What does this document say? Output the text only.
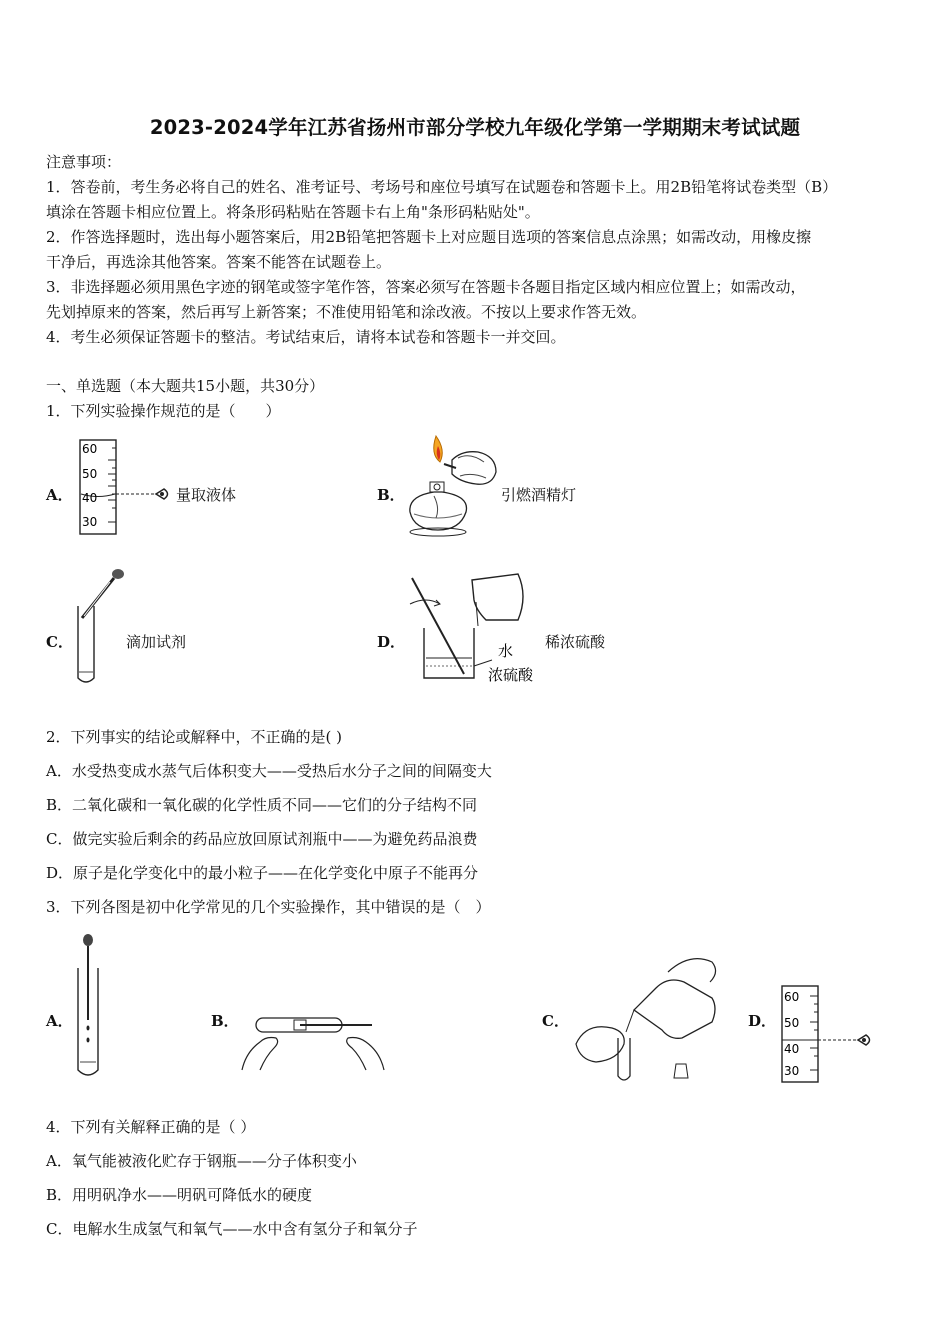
2023-2024学年江苏省扬州市部分学校九年级化学第一学期期末考试试题
注意事项：
1．答卷前，考生务必将自己的姓名、准考证号、考场号和座位号填写在试题卷和答题卡上。用2B铅笔将试卷类型（B）
填涂在答题卡相应位置上。将条形码粘贴在答题卡右上角"条形码粘贴处"。
2．作答选择题时，选出每小题答案后，用2B铅笔把答题卡上对应题目选项的答案信息点涂黑；如需改动，用橡皮擦
干净后，再选涂其他答案。答案不能答在试题卷上。
3．非选择题必须用黑色字迹的钢笔或签字笔作答，答案必须写在答题卡各题目指定区域内相应位置上；如需改动，
先划掉原来的答案，然后再写上新答案；不准使用铅笔和涂改液。不按以上要求作答无效。
4．考生必须保证答题卡的整洁。考试结束后，请将本试卷和答题卡一并交回。
一、单选题（本大题共15小题，共30分）
1．下列实验操作规范的是（　　）
A．
60
50
40
30
量取液体	B．	引燃酒精灯
C．	滴加试剂	D．	水
浓硫酸
稀浓硫酸
2．下列事实的结论或解释中，不正确的是( )
A．水受热变成水蒸气后体积变大——受热后水分子之间的间隔变大
B．二氧化碳和一氧化碳的化学性质不同——它们的分子结构不同
C．做完实验后剩余的药品应放回原试剂瓶中——为避免药品浪费
D．原子是化学变化中的最小粒子——在化学变化中原子不能再分
3．下列各图是初中化学常见的几个实验操作，其中错误的是（　）
A．	B．	C．	D．
60
50
40
30
4．下列有关解释正确的是（ ）
A．氧气能被液化贮存于钢瓶——分子体积变小
B．用明矾净水——明矾可降低水的硬度
C．电解水生成氢气和氧气——水中含有氢分子和氧分子
